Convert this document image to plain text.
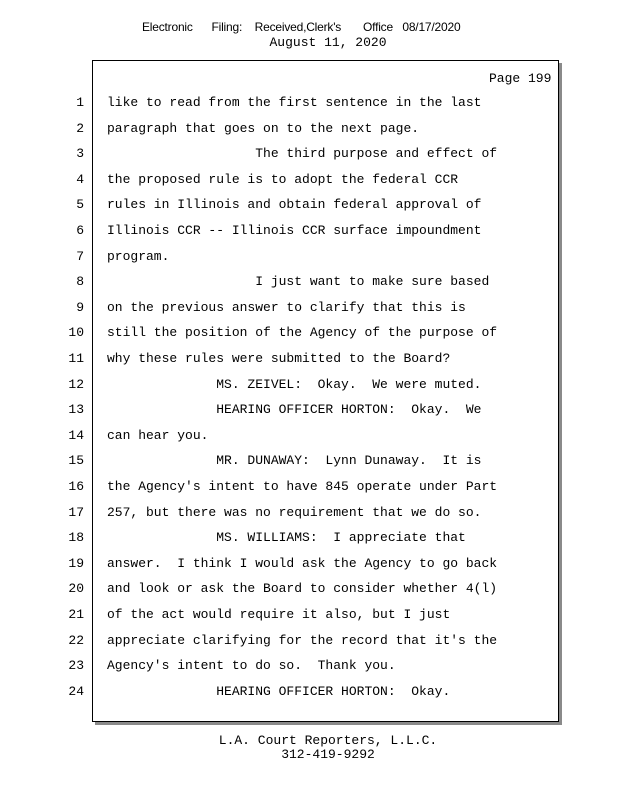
Electronic      Filing:    Received,Clerk's       Office   08/17/2020
August 11, 2020
Page 199
1 like to read from the first sentence in the last
2 paragraph that goes on to the next page.
3 The third purpose and effect of
4 the proposed rule is to adopt the federal CCR
5 rules in Illinois and obtain federal approval of
6 Illinois CCR -- Illinois CCR surface impoundment
7 program.
8 I just want to make sure based
9 on the previous answer to clarify that this is
10 still the position of the Agency of the purpose of
11 why these rules were submitted to the Board?
12 MS. ZEIVEL:  Okay.  We were muted.
13 HEARING OFFICER HORTON:  Okay.  We
14 can hear you.
15 MR. DUNAWAY:  Lynn Dunaway.  It is
16 the Agency's intent to have 845 operate under Part
17 257, but there was no requirement that we do so.
18 MS. WILLIAMS:  I appreciate that
19 answer.  I think I would ask the Agency to go back
20 and look or ask the Board to consider whether 4(l)
21 of the act would require it also, but I just
22 appreciate clarifying for the record that it's the
23 Agency's intent to do so.  Thank you.
24 HEARING OFFICER HORTON:  Okay.
L.A. Court Reporters, L.L.C.
312-419-9292
